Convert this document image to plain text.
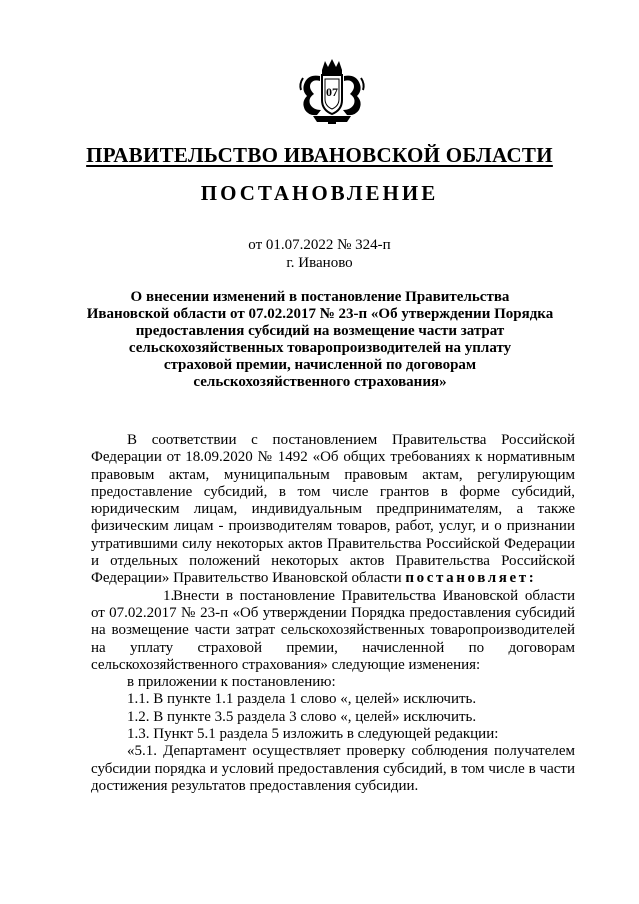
07
ПРАВИТЕЛЬСТВО ИВАНОВСКОЙ ОБЛАСТИ
ПОСТАНОВЛЕНИЕ
от 01.07.2022 № 324-п
г. Иваново
О внесении изменений в постановление Правительства
Ивановской области от 07.02.2017 № 23-п «Об утверждении Порядка
предоставления субсидий на возмещение части затрат
сельскохозяйственных товаропроизводителей на уплату
страховой премии, начисленной по договорам
сельскохозяйственного страхования»

В соответствии с постановлением Правительства Российской Федерации от 18.09.2020 № 1492 «Об общих требованиях к нормативным правовым актам, муниципальным правовым актам, регулирующим предоставление субсидий, в том числе грантов в форме субсидий, юридическим лицам, индивидуальным предпринимателям, а также физическим лицам - производителям товаров, работ, услуг, и о признании утратившими силу некоторых актов Правительства Российской Федерации и отдельных положений некоторых актов Правительства Российской Федерации» Правительство Ивановской области постановляет:

1.Внести в постановление Правительства Ивановской области от 07.02.2017 № 23-п «Об утверждении Порядка предоставления субсидий на возмещение части затрат сельскохозяйственных товаропроизводителей на уплату страховой премии, начисленной по договорам сельскохозяйственного страхования» следующие изменения:

в приложении к постановлению:

1.1. В пункте 1.1 раздела 1 слово «, целей» исключить.

1.2. В пункте 3.5 раздела 3 слово «, целей» исключить.

1.3. Пункт 5.1 раздела 5 изложить в следующей редакции:

«5.1. Департамент осуществляет проверку соблюдения получателем субсидии порядка и условий предоставления субсидий, в том числе в части достижения результатов предоставления субсидии.
